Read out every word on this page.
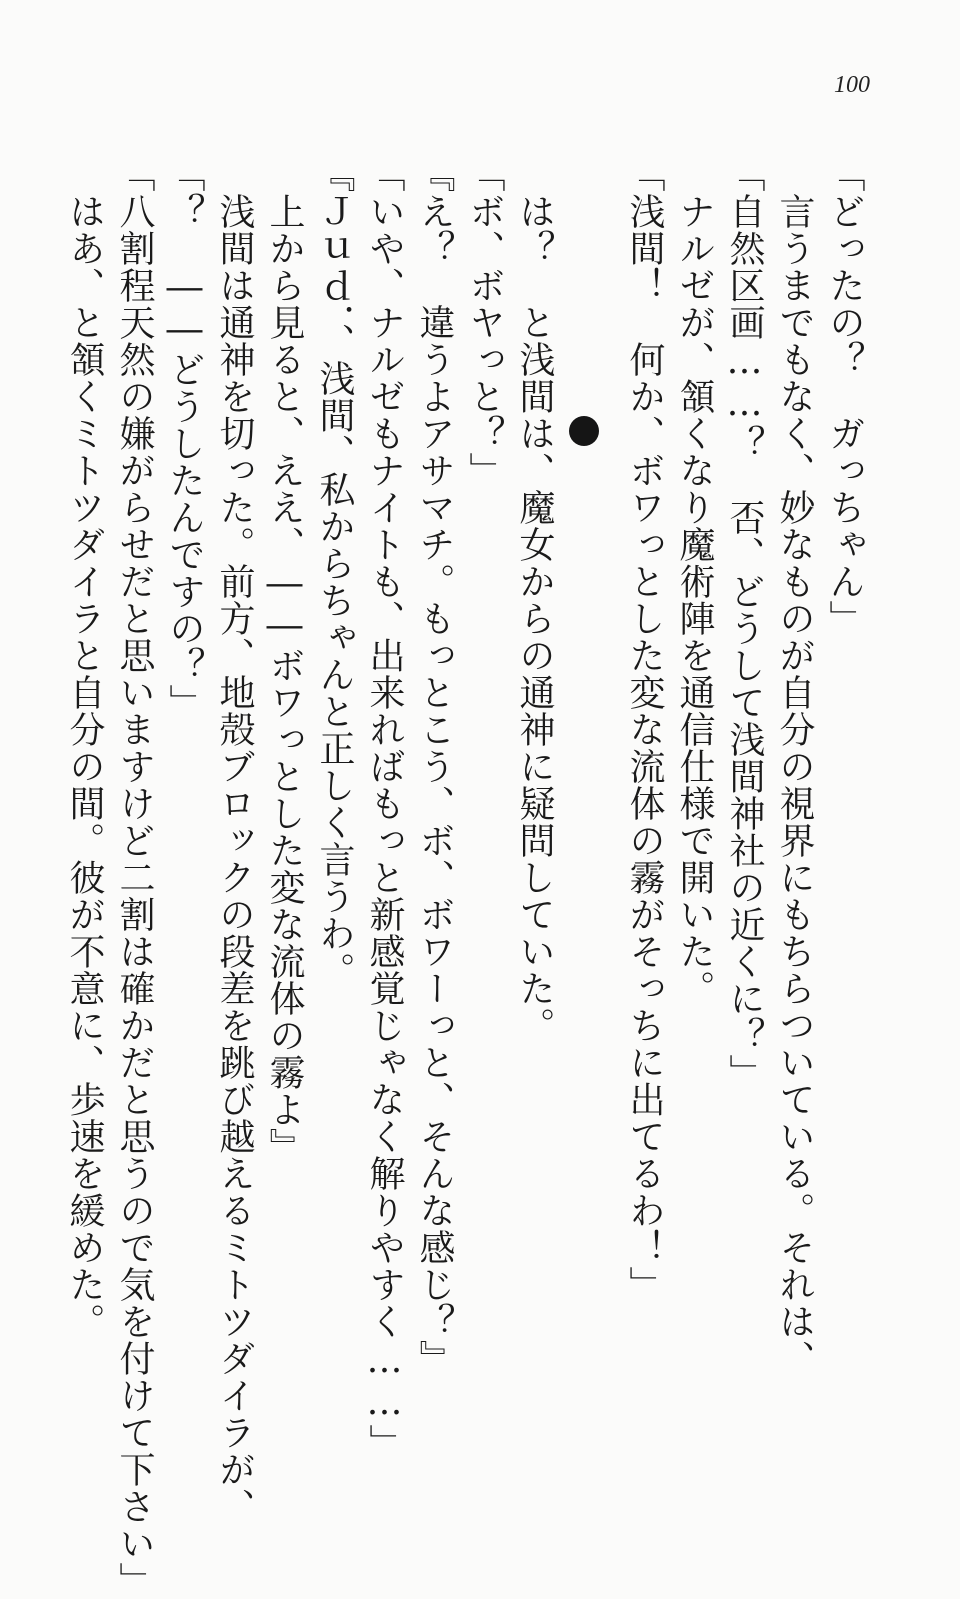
100
「どったの？　ガっちゃん」
　言うまでもなく、妙なものが自分の視界にもちらついている。それは、
「自然区画……？　否、どうして浅間神社の近くに？」
　ナルゼが、頷くなり魔術陣を通信仕様で開いた。
「浅間！　何か、ボワっとした変な流体の霧がそっちに出てるわ！」
　は？　と浅間は、魔女からの通神に疑問していた。
「ボ、ボヤっと？」
『え？　違うよアサマチ。もっとこう、ボ、ボワーっと、そんな感じ？』
「いや、ナルゼもナイトも、出来ればもっと新感覚じゃなく解りやすく……」
『Ｊｕｄ．、浅間、私からちゃんと正しく言うわ。
　上から見ると、ええ、――ボワっとした変な流体の霧よ』
　浅間は通神を切った。前方、地殻ブロックの段差を跳び越えるミトツダイラが、
「？　――どうしたんですの？」
「八割程天然の嫌がらせだと思いますけど二割は確かだと思うので気を付けて下さい」
　はあ、と頷くミトツダイラと自分の間。彼が不意に、歩速を緩めた。
